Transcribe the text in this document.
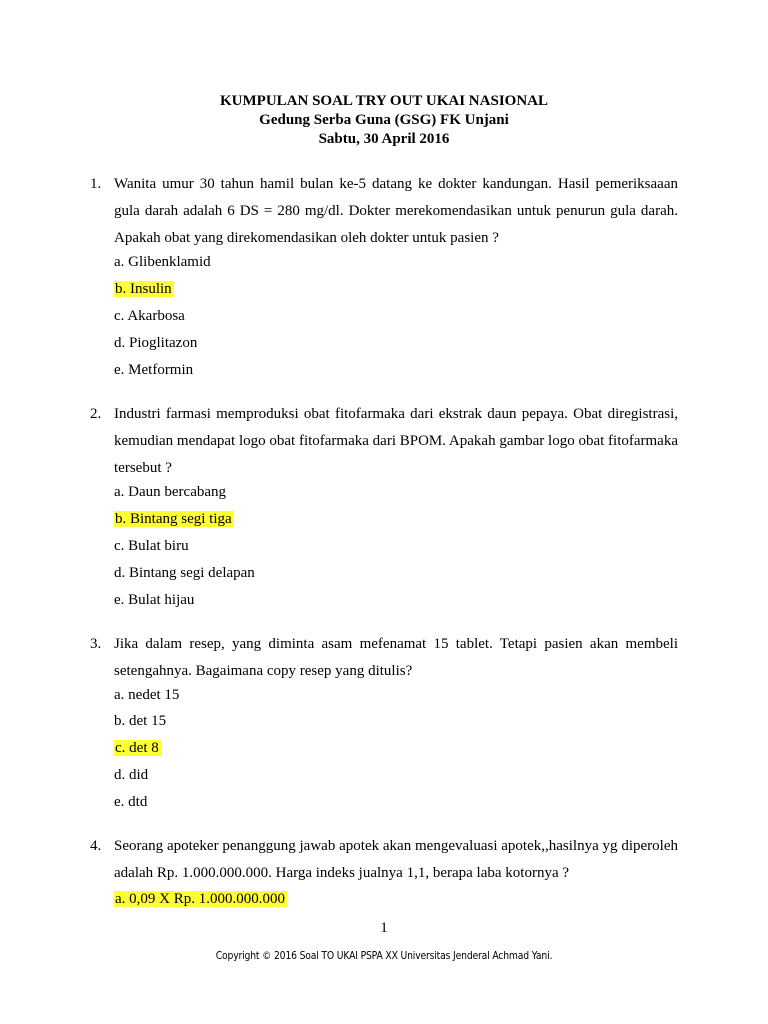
KUMPULAN SOAL TRY OUT UKAI NASIONAL
Gedung Serba Guna (GSG) FK Unjani
Sabtu, 30 April 2016
1. Wanita umur 30 tahun hamil bulan ke-5 datang ke dokter kandungan. Hasil pemeriksaaan gula darah adalah 6 DS = 280 mg/dl. Dokter merekomendasikan untuk penurun gula darah. Apakah obat yang direkomendasikan oleh dokter untuk pasien ?
a. Glibenklamid
b. Insulin
c. Akarbosa
d. Pioglitazon
e. Metformin
2. Industri farmasi memproduksi obat fitofarmaka dari ekstrak daun pepaya. Obat diregistrasi, kemudian mendapat logo obat fitofarmaka dari BPOM. Apakah gambar logo obat fitofarmaka tersebut ?
a. Daun bercabang
b. Bintang segi tiga
c. Bulat biru
d. Bintang segi delapan
e. Bulat hijau
3. Jika dalam resep, yang diminta asam mefenamat 15 tablet. Tetapi pasien akan membeli setengahnya. Bagaimana copy resep yang ditulis?
a. nedet 15
b. det 15
c. det 8
d. did
e. dtd
4. Seorang apoteker penanggung jawab apotek akan mengevaluasi apotek,,hasilnya yg diperoleh adalah Rp. 1.000.000.000. Harga indeks jualnya 1,1, berapa laba kotornya ?
a. 0,09 X Rp. 1.000.000.000
1
Copyright © 2016 Soal TO UKAI PSPA XX Universitas Jenderal Achmad Yani.
